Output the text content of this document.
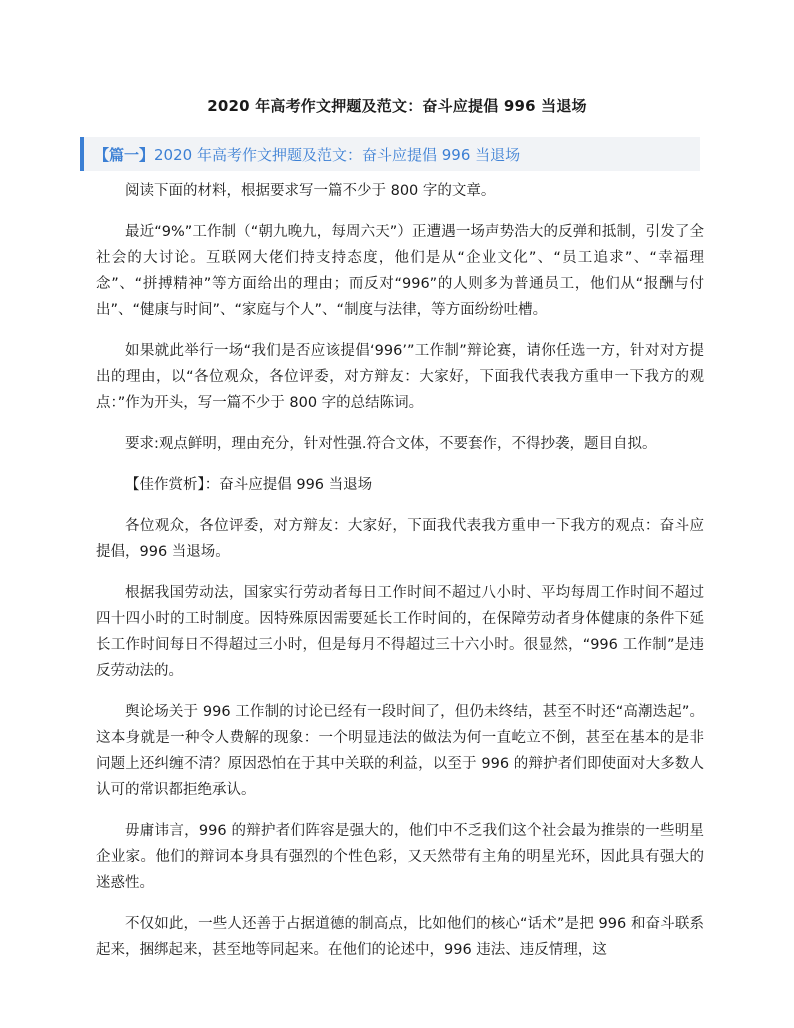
2020 年高考作文押题及范文：奋斗应提倡 996 当退场
【篇一】 2020 年高考作文押题及范文：奋斗应提倡 996 当退场

阅读下面的材料，根据要求写一篇不少于 800 字的文章。

最近“9%”工作制（“朝九晚九，每周六天”）正遭遇一场声势浩大的反弹和抵制，引发了全社会的大讨论。互联网大佬们持支持态度，他们是从“企业文化”、“员工追求”、“幸福理念”、“拼搏精神”等方面给出的理由；而反对“996”的人则多为普通员工，他们从“报酬与付出”、“健康与时间”、“家庭与个人”、“制度与法律，等方面纷纷吐槽。

如果就此举行一场“我们是否应该提倡‘996’”工作制”辩论赛，请你任选一方，针对对方提出的理由，以“各位观众，各位评委，对方辩友：大家好，下面我代表我方重申一下我方的观点：”作为开头，写一篇不少于 800 字的总结陈词。

要求:观点鲜明，理由充分，针对性强.符合文体，不要套作，不得抄袭，题目自拟。

【佳作赏析】：奋斗应提倡 996 当退场

各位观众，各位评委，对方辩友：大家好，下面我代表我方重申一下我方的观点：奋斗应提倡，996 当退场。

根据我国劳动法，国家实行劳动者每日工作时间不超过八小时、平均每周工作时间不超过四十四小时的工时制度。因特殊原因需要延长工作时间的，在保障劳动者身体健康的条件下延长工作时间每日不得超过三小时，但是每月不得超过三十六小时。很显然，“996 工作制”是违反劳动法的。

舆论场关于 996 工作制的讨论已经有一段时间了，但仍未终结，甚至不时还“高潮迭起”。这本身就是一种令人费解的现象：一个明显违法的做法为何一直屹立不倒，甚至在基本的是非问题上还纠缠不清？原因恐怕在于其中关联的利益，以至于 996 的辩护者们即使面对大多数人认可的常识都拒绝承认。

毋庸讳言，996 的辩护者们阵容是强大的，他们中不乏我们这个社会最为推崇的一些明星企业家。他们的辩词本身具有强烈的个性色彩，又天然带有主角的明星光环，因此具有强大的迷惑性。

不仅如此，一些人还善于占据道德的制高点，比如他们的核心“话术”是把 996 和奋斗联系起来，捆绑起来，甚至地等同起来。在他们的论述中，996 违法、违反情理，这
